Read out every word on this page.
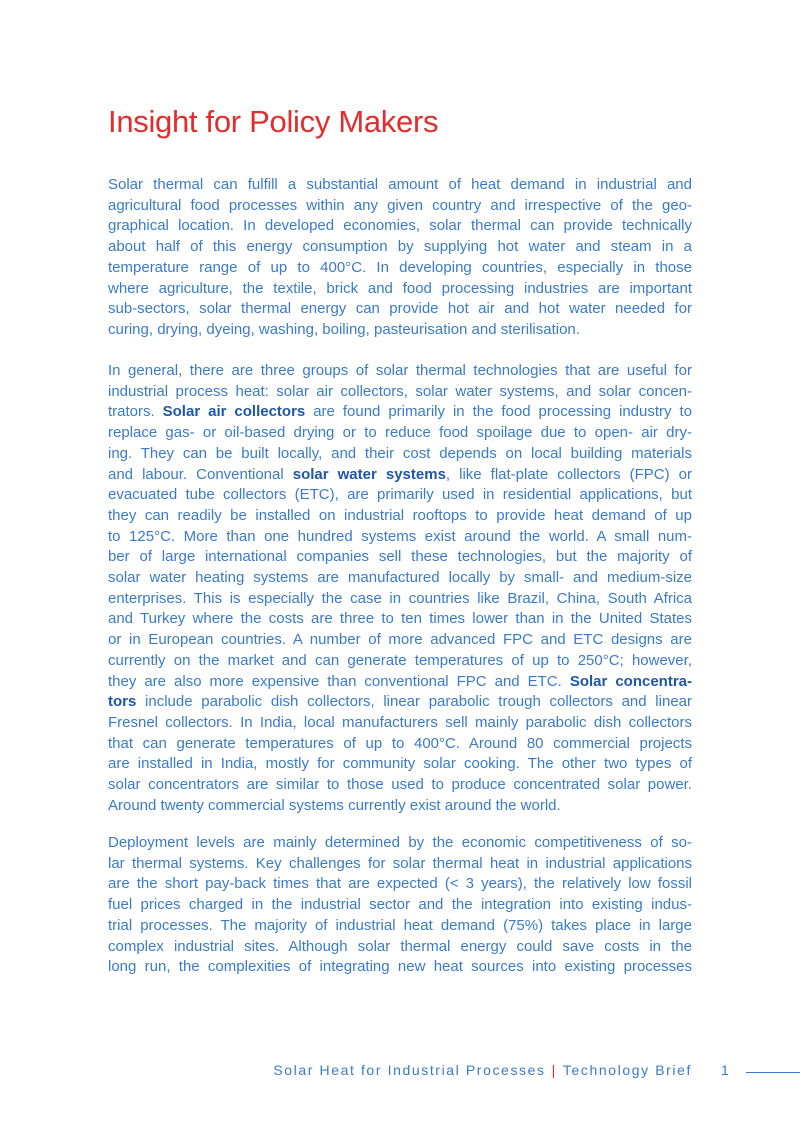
Insight for Policy Makers
Solar thermal can fulfill a substantial amount of heat demand in industrial and
agricultural food processes within any given country and irrespective of the geo-
graphical location. In developed economies, solar thermal can provide technically
about half of this energy consumption by supplying hot water and steam in a
temperature range of up to 400°C. In developing countries, especially in those
where agriculture, the textile, brick and food processing industries are important
sub-sectors, solar thermal energy can provide hot air and hot water needed for
curing, drying, dyeing, washing, boiling, pasteurisation and sterilisation.
In general, there are three groups of solar thermal technologies that are useful for
industrial process heat: solar air collectors, solar water systems, and solar concen-
trators. Solar air collectors are found primarily in the food processing industry to
replace gas- or oil-based drying or to reduce food spoilage due to open- air dry-
ing. They can be built locally, and their cost depends on local building materials
and labour. Conventional solar water systems, like flat-plate collectors (FPC) or
evacuated tube collectors (ETC), are primarily used in residential applications, but
they can readily be installed on industrial rooftops to provide heat demand of up
to 125°C. More than one hundred systems exist around the world. A small num-
ber of large international companies sell these technologies, but the majority of
solar water heating systems are manufactured locally by small- and medium-size
enterprises. This is especially the case in countries like Brazil, China, South Africa
and Turkey where the costs are three to ten times lower than in the United States
or in European countries. A number of more advanced FPC and ETC designs are
currently on the market and can generate temperatures of up to 250°C; however,
they are also more expensive than conventional FPC and ETC. Solar concentra-
tors include parabolic dish collectors, linear parabolic trough collectors and linear
Fresnel collectors. In India, local manufacturers sell mainly parabolic dish collectors
that can generate temperatures of up to 400°C. Around 80 commercial projects
are installed in India, mostly for community solar cooking. The other two types of
solar concentrators are similar to those used to produce concentrated solar power.
Around twenty commercial systems currently exist around the world.
Deployment levels are mainly determined by the economic competitiveness of so-
lar thermal systems. Key challenges for solar thermal heat in industrial applications
are the short pay-back times that are expected (< 3 years), the relatively low fossil
fuel prices charged in the industrial sector and the integration into existing indus-
trial processes. The majority of industrial heat demand (75%) takes place in large
complex industrial sites. Although solar thermal energy could save costs in the
long run, the complexities of integrating new heat sources into existing processes
Solar Heat for Industrial Processes | Technology Brief 1
